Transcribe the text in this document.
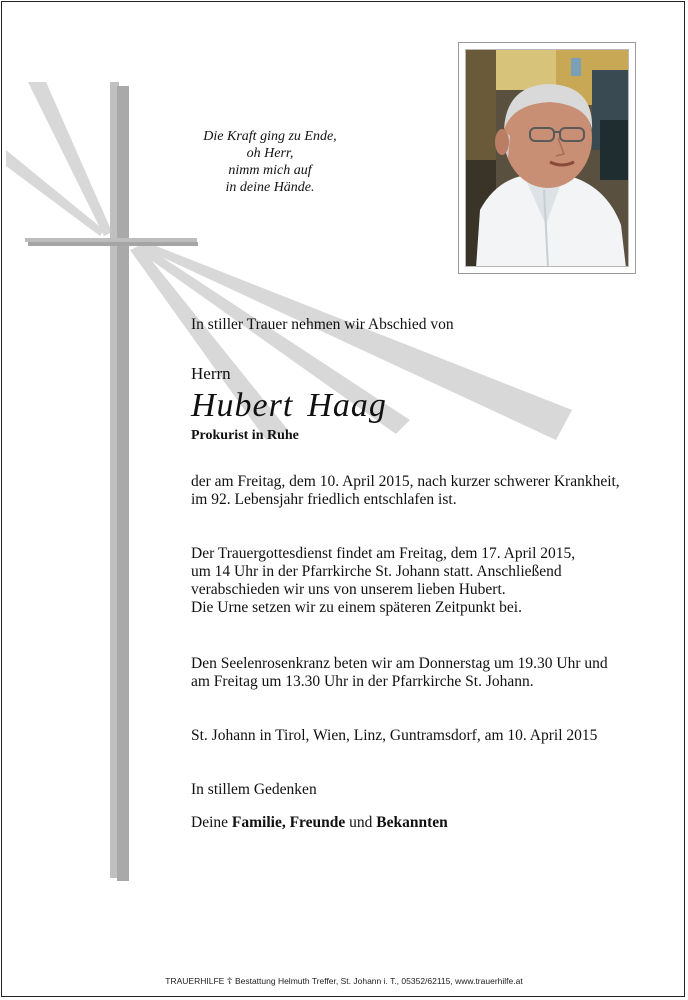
Die Kraft ging zu Ende,
oh Herr,
nimm mich auf
in deine Hände.
In stiller Trauer nehmen wir Abschied von
Herrn
Hubert Haag
Prokurist in Ruhe
der am Freitag, dem 10. April 2015, nach kurzer schwerer Krankheit,
im 92. Lebensjahr friedlich entschlafen ist.
Der Trauergottesdienst findet am Freitag, dem 17. April 2015,
um 14 Uhr in der Pfarrkirche St. Johann statt. Anschließend
verabschieden wir uns von unserem lieben Hubert.
Die Urne setzen wir zu einem späteren Zeitpunkt bei.
Den Seelenrosenkranz beten wir am Donnerstag um 19.30 Uhr und
am Freitag um 13.30 Uhr in der Pfarrkirche St. Johann.
St. Johann in Tirol, Wien, Linz, Guntramsdorf, am 10. April 2015
In stillem Gedenken
Deine Familie, Freunde und Bekannten
TRAUERHILFE ☦ Bestattung Helmuth Treffer, St. Johann i. T., 05352/62115, www.trauerhilfe.at
